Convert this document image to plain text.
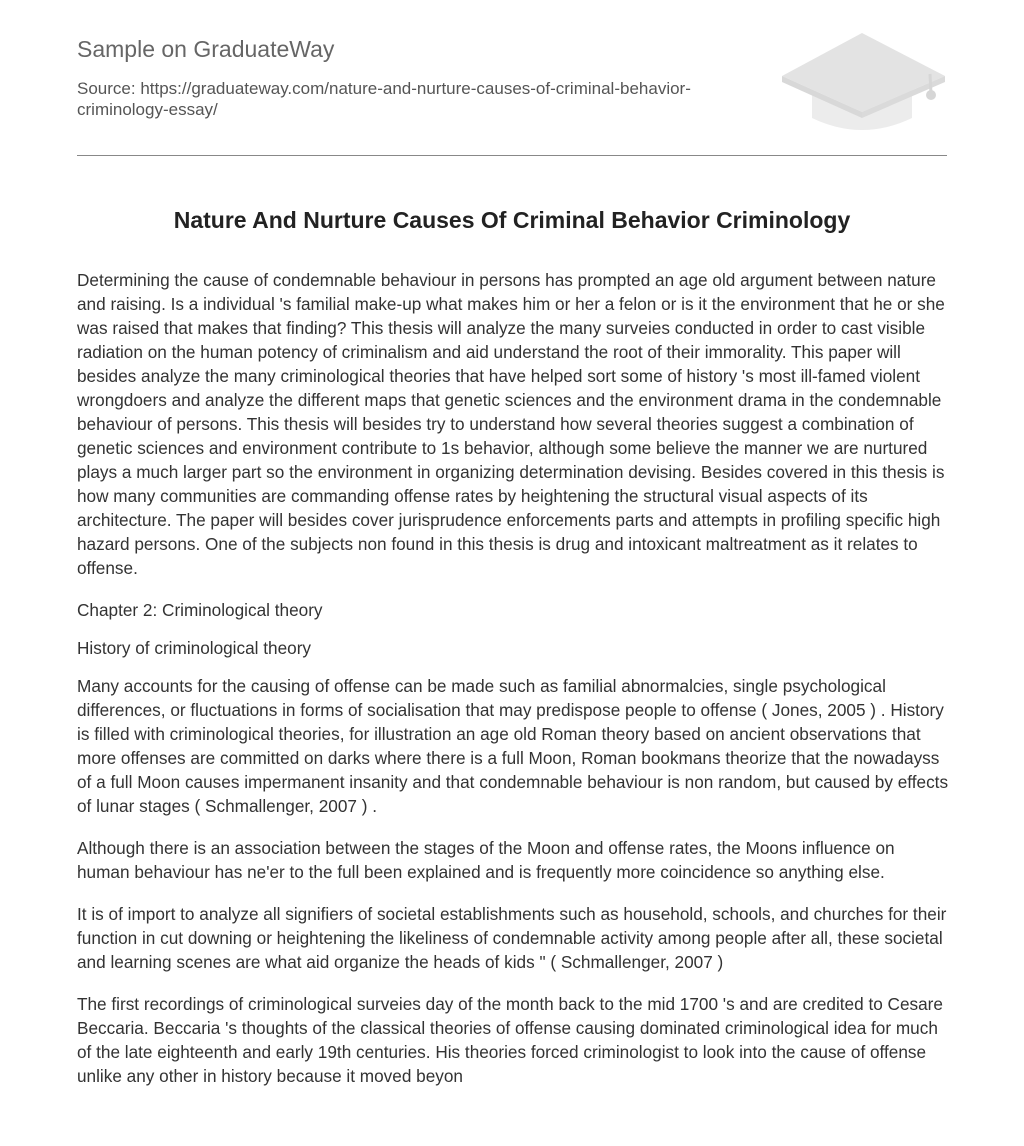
Sample on GraduateWay
Source: https://graduateway.com/nature-and-nurture-causes-of-criminal-behavior-criminology-essay/
Nature And Nurture Causes Of Criminal Behavior Criminology

Determining the cause of condemnable behaviour in persons has prompted an age old argument between nature and raising. Is a individual 's familial make-up what makes him or her a felon or is it the environment that he or she was raised that makes that finding? This thesis will analyze the many surveies conducted in order to cast visible radiation on the human potency of criminalism and aid understand the root of their immorality. This paper will besides analyze the many criminological theories that have helped sort some of history 's most ill-famed violent wrongdoers and analyze the different maps that genetic sciences and the environment drama in the condemnable behaviour of persons. This thesis will besides try to understand how several theories suggest a combination of genetic sciences and environment contribute to 1s behavior, although some believe the manner we are nurtured plays a much larger part so the environment in organizing determination devising. Besides covered in this thesis is how many communities are commanding offense rates by heightening the structural visual aspects of its architecture. The paper will besides cover jurisprudence enforcements parts and attempts in profiling specific high hazard persons. One of the subjects non found in this thesis is drug and intoxicant maltreatment as it relates to offense.

Chapter 2: Criminological theory

History of criminological theory

Many accounts for the causing of offense can be made such as familial abnormalcies, single psychological differences, or fluctuations in forms of socialisation that may predispose people to offense ( Jones, 2005 ) . History is filled with criminological theories, for illustration an age old Roman theory based on ancient observations that more offenses are committed on darks where there is a full Moon, Roman bookmans theorize that the nowadayss of a full Moon causes impermanent insanity and that condemnable behaviour is non random, but caused by effects of lunar stages ( Schmallenger, 2007 ) .

Although there is an association between the stages of the Moon and offense rates, the Moons influence on human behaviour has ne'er to the full been explained and is frequently more coincidence so anything else.

It is of import to analyze all signifiers of societal establishments such as household, schools, and churches for their function in cut downing or heightening the likeliness of condemnable activity among people after all, these societal and learning scenes are what aid organize the heads of kids " ( Schmallenger, 2007 )

The first recordings of criminological surveies day of the month back to the mid 1700 's and are credited to Cesare Beccaria. Beccaria 's thoughts of the classical theories of offense causing dominated criminological idea for much of the late eighteenth and early 19th centuries. His theories forced criminologist to look into the cause of offense unlike any other in history because it moved beyon
